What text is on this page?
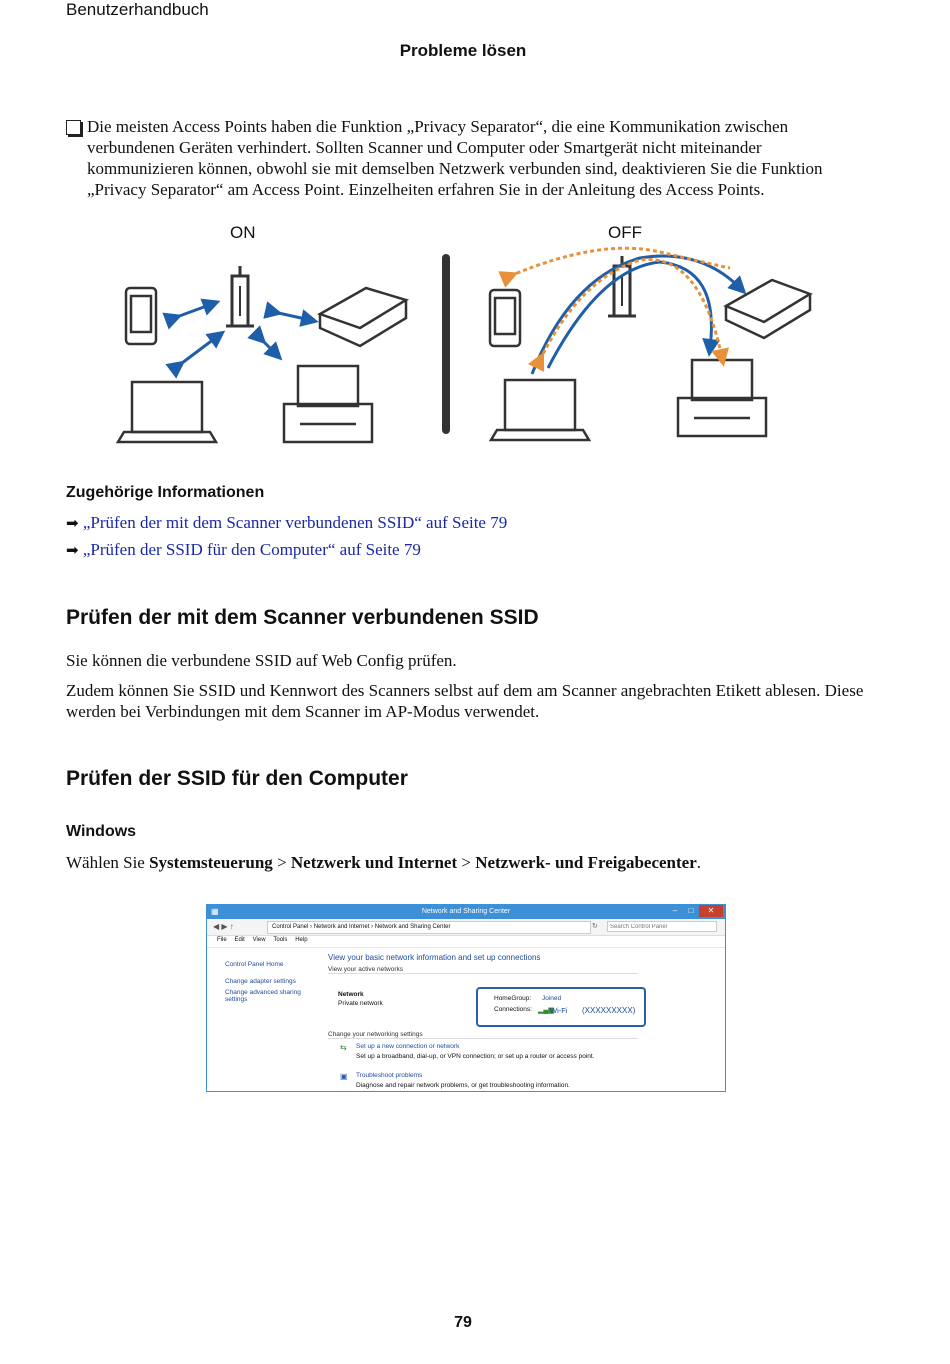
Benutzerhandbuch
Probleme lösen
Die meisten Access Points haben die Funktion „Privacy Separator“, die eine Kommunikation zwischen verbundenen Geräten verhindert. Sollten Scanner und Computer oder Smartgerät nicht miteinander kommunizieren können, obwohl sie mit demselben Netzwerk verbunden sind, deaktivieren Sie die Funktion „Privacy Separator“ am Access Point. Einzelheiten erfahren Sie in der Anleitung des Access Points.
ON	OFF
Zugehörige Informationen
➡ „Prüfen der mit dem Scanner verbundenen SSID“ auf Seite 79
➡ „Prüfen der SSID für den Computer“ auf Seite 79
Prüfen der mit dem Scanner verbundenen SSID
Sie können die verbundene SSID auf Web Config prüfen.
Zudem können Sie SSID und Kennwort des Scanners selbst auf dem am Scanner angebrachten Etikett ablesen. Diese werden bei Verbindungen mit dem Scanner im AP-Modus verwendet.
Prüfen der SSID für den Computer
Windows
Wählen Sie Systemsteuerung > Netzwerk und Internet > Netzwerk- und Freigabecenter.
▦	Network and Sharing Center	–	□	✕
◀ ▶ ↑	Control Panel › Network and Internet › Network and Sharing Center	↻
Search Control Panel
File Edit View Tools Help
Control Panel Home
Change adapter settings
Change advanced sharing settings
View your basic network information and set up connections
View your active networks
Network
Private network
HomeGroup: Joined
Connections: ▂▄▆
Wi-Fi (XXXXXXXXX)
Change your networking settings
⇆ Set up a new connection or network
Set up a broadband, dial-up, or VPN connection; or set up a router or access point.
▣ Troubleshoot problems
Diagnose and repair network problems, or get troubleshooting information.
79
